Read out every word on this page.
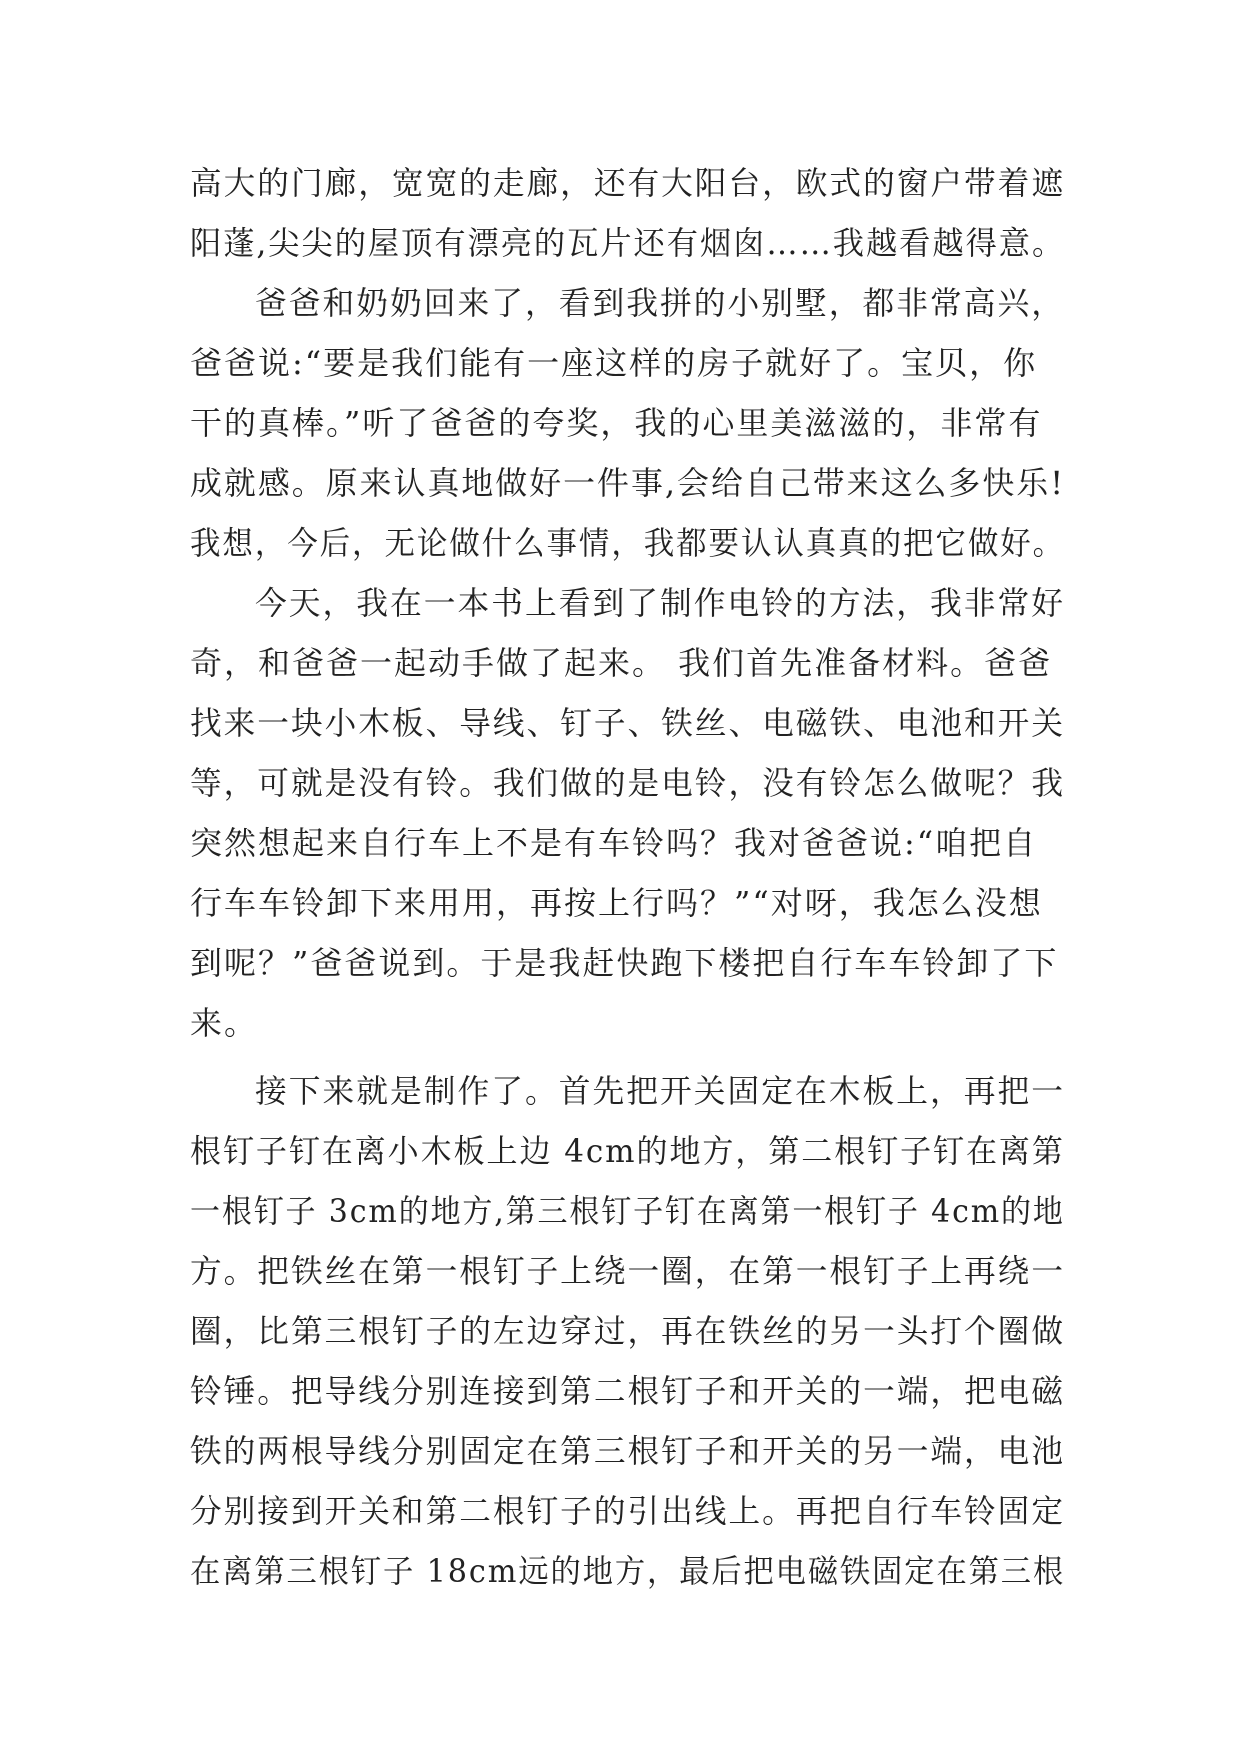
高大的门廊，宽宽的走廊，还有大阳台，欧式的窗户带着遮

阳蓬,尖尖的屋顶有漂亮的瓦片还有烟囱……我越看越得意。

爸爸和奶奶回来了，看到我拼的小别墅，都非常高兴，

爸爸说:“要是我们能有一座这样的房子就好了。宝贝，你

干的真棒。”听了爸爸的夸奖，我的心里美滋滋的，非常有

成就感。原来认真地做好一件事,会给自己带来这么多快乐!

我想，今后，无论做什么事情，我都要认认真真的把它做好。

今天，我在一本书上看到了制作电铃的方法，我非常好

奇，和爸爸一起动手做了起来。 我们首先准备材料。爸爸

找来一块小木板、导线、钉子、铁丝、电磁铁、电池和开关

等，可就是没有铃。我们做的是电铃，没有铃怎么做呢？我

突然想起来自行车上不是有车铃吗？我对爸爸说:“咱把自

行车车铃卸下来用用，再按上行吗？”“对呀，我怎么没想

到呢？”爸爸说到。于是我赶快跑下楼把自行车车铃卸了下

来。

接下来就是制作了。首先把开关固定在木板上，再把一

根钉子钉在离小木板上边 4cm的地方，第二根钉子钉在离第

一根钉子 3cm的地方,第三根钉子钉在离第一根钉子 4cm的地

方。把铁丝在第一根钉子上绕一圈，在第一根钉子上再绕一

圈，比第三根钉子的左边穿过，再在铁丝的另一头打个圈做

铃锤。把导线分别连接到第二根钉子和开关的一端，把电磁

铁的两根导线分别固定在第三根钉子和开关的另一端，电池

分别接到开关和第二根钉子的引出线上。再把自行车铃固定

在离第三根钉子 18cm远的地方，最后把电磁铁固定在第三根
